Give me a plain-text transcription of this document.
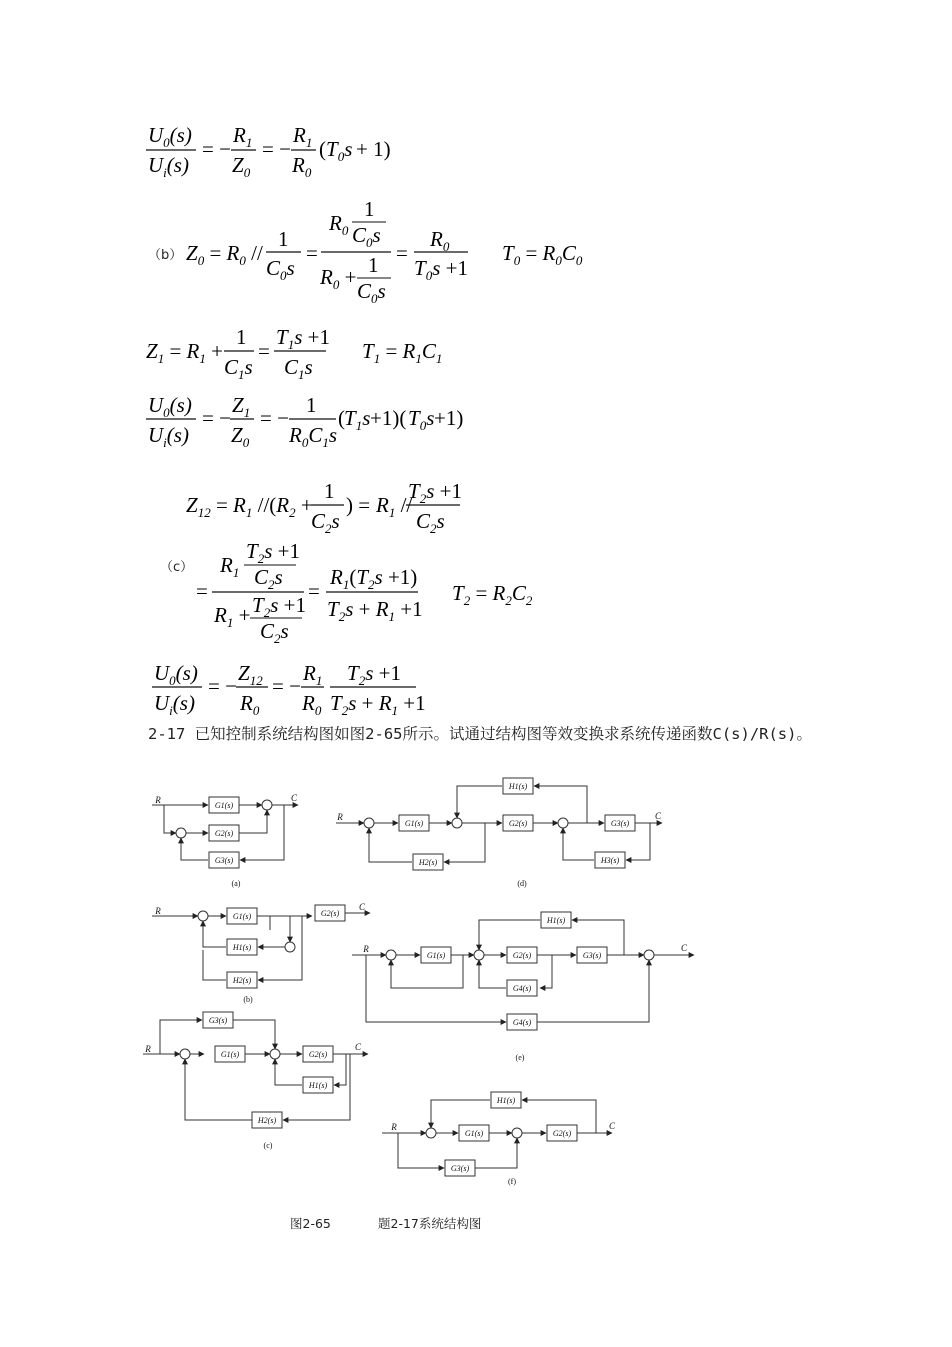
$U_0(s)$
$U_i(s)$
= −
$R_1$
$Z_0$
= −
$R_1$
$R_0$
( $T_0s + 1$)
（b） $Z_0 = R_0$ //
1
$C_0s$
=
$R_0$
1
$C_0s$
$R_0 + 1$
$C_0s$
=
$R_0$
$T_0s +1$
$T_0 = R_0C_0$
$Z_1 = R_1$ +
1
$C_1s$
=
$T_1s +1$
$C_1s$
$T_1 = R_1C_1$
$U_0(s)$
$U_i(s)$
= −
$Z_1$
$Z_0$
= −
1
$R_0C_1s$
( $T_1s +1$)( $T_0s +1$)
$Z_{12} = R_1$ $//(R_2$ +
1
$C_2s$
) = $R_1$ //
$T_2s +1$
$C_2s$
（c）
=
$R_1$
$T_2s +1$
$C_2s$
$R_1 + T_2s +1$
$C_2s$
=
$R_1(T_2s +1)$
$T_2s + R_1 +1$
$T_2 = R_2C_2$
$U_0(s)$
$U_i(s)$
= −
$Z_{12}$
$R_0$
= −
$R_1$
$R_0$
$T_2s +1$
$T_2s + R_1 +1$
2-17 已知控制系统结构图如图2-65所示。试通过结构图等效变换求系统传递函数C(s)/R(s)。
R
G1(s)
C
G2(s)
G3(s)
(a)
R
G1(s)	G2(s)
C
H1(s)
H2(s)
(b)
R
G1(s)	G2(s)
C
G3(s)
H1(s)
H2(s)
(c)
R
G1(s)	G2(s)	G3(s)
C
H1(s)
H2(s)	H3(s)
(d)
R
G1(s)	G2(s)	G3(s)
C
H1(s)
G4(s)
G4(s)
(e)
R
G1(s)	G2(s)
C
H1(s)
G3(s)
(f)
图2-65	题2-17系统结构图
